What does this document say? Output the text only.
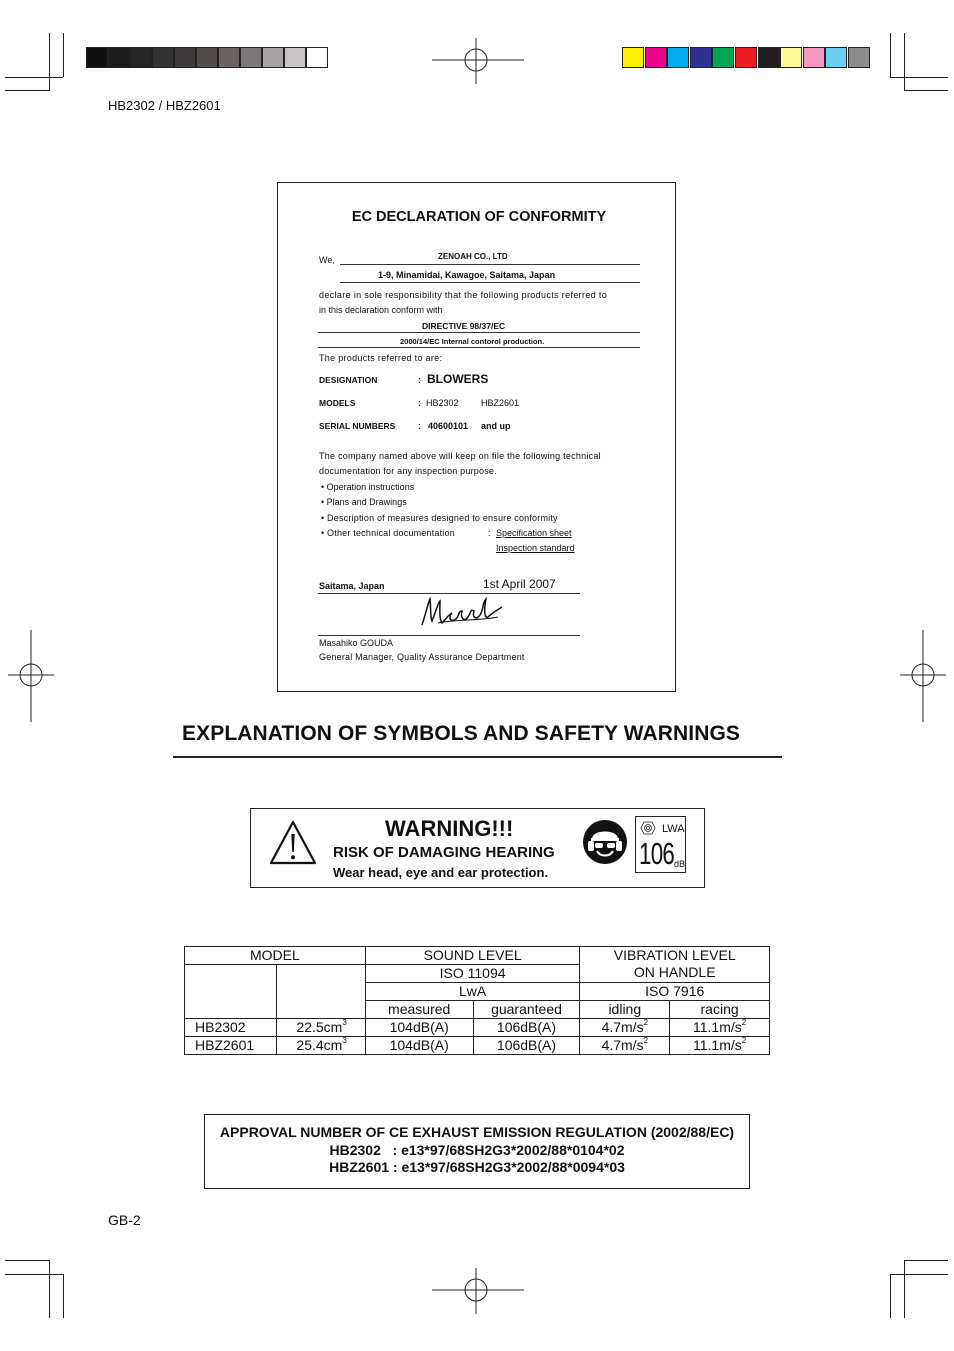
HB2302 / HBZ2601
EC DECLARATION OF CONFORMITY
We,	ZENOAH CO., LTD
1-9, Minamidai, Kawagoe, Saitama, Japan
declare in sole responsibility that the following products referred to
in this declaration conform with
DIRECTIVE 98/37/EC
2000/14/EC Internal contorol production.
The products referred to are:
DESIGNATION	: BLOWERS
MODELS	: HB2302 HBZ2601
SERIAL NUMBERS	: 40600101 and up
The company named above will keep on file the following technical
documentation for any inspection purpose.
• Operation instructions
• Plans and Drawings
• Description of measures designed to ensure conformity
• Other technical documentation	: Specification sheet
Inspection standard
Saitama, Japan	1st April 2007
Masahiko GOUDA
General Manager, Quality Assurance Department
EXPLANATION OF SYMBOLS AND SAFETY WARNINGS
WARNING!!!
RISK OF DAMAGING HEARING
Wear head, eye and ear protection.
LWA
106 dB
MODEL		SOUND LEVEL		VIBRATION LEVEL
ON HANDLE	

		ISO 11094			
		LwA		ISO 7916	
		measured	guaranteed	idling	racing
HB2302	$22.5cm^3$	104dB(A)	106dB(A)	$4.7m/s^2$	$11.1m/s^2$
HBZ2601	$25.4cm^3$	104dB(A)	106dB(A)	$4.7m/s^2$	$11.1m/s^2$
APPROVAL NUMBER OF CE EXHAUST EMISSION REGULATION (2002/88/EC)
HB2302   : e13*97/68SH2G3*2002/88*0104*02
HBZ2601 : e13*97/68SH2G3*2002/88*0094*03
GB-2
